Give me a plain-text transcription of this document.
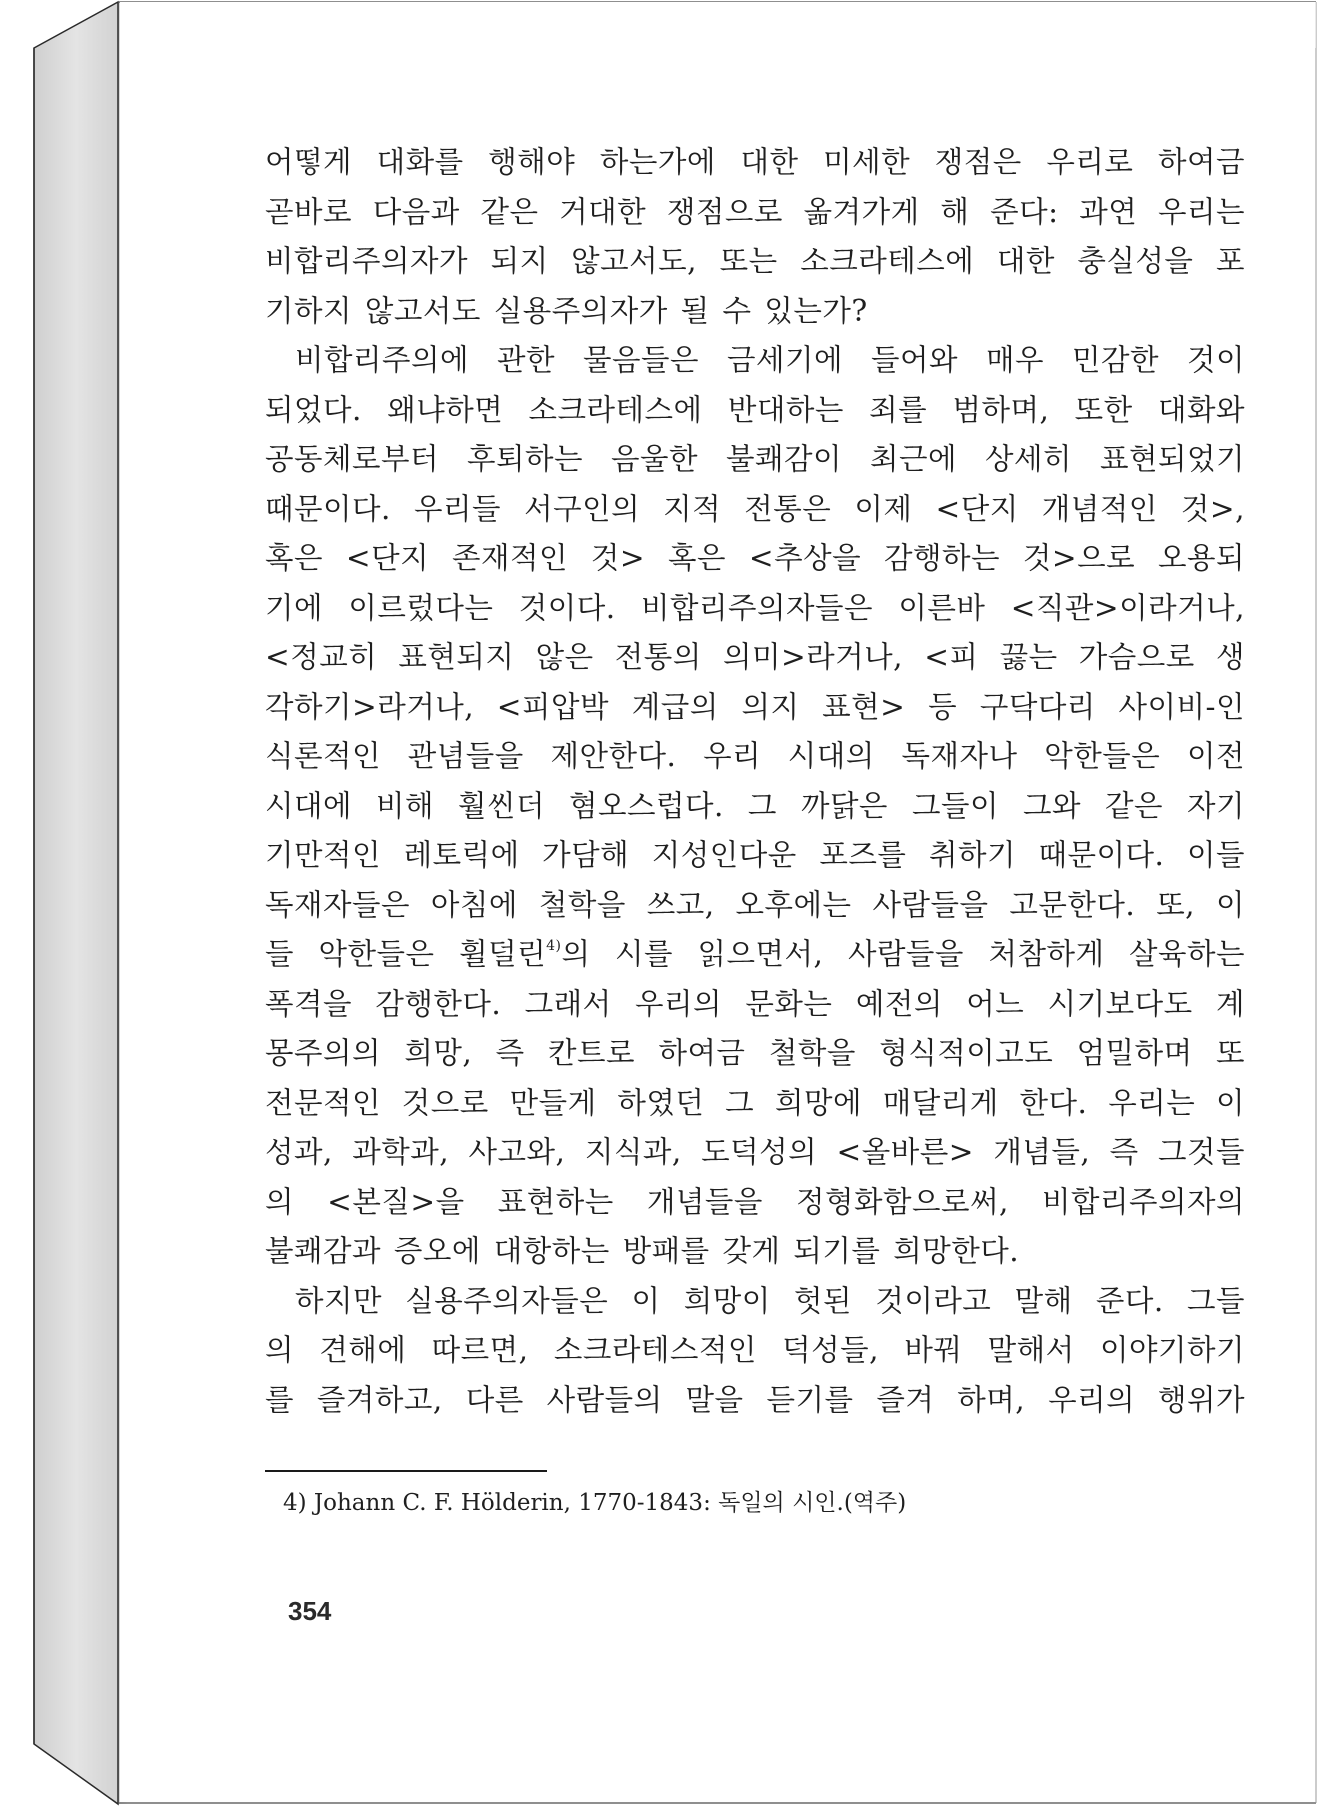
어떻게 대화를 행해야 하는가에 대한 미세한 쟁점은 우리로 하여금
곧바로 다음과 같은 거대한 쟁점으로 옮겨가게 해 준다: 과연 우리는
비합리주의자가 되지 않고서도, 또는 소크라테스에 대한 충실성을 포
기하지 않고서도 실용주의자가 될 수 있는가?
비합리주의에 관한 물음들은 금세기에 들어와 매우 민감한 것이
되었다. 왜냐하면 소크라테스에 반대하는 죄를 범하며, 또한 대화와
공동체로부터 후퇴하는 음울한 불쾌감이 최근에 상세히 표현되었기
때문이다. 우리들 서구인의 지적 전통은 이제 <단지 개념적인 것>,
혹은 <단지 존재적인 것> 혹은 <추상을 감행하는 것>으로 오용되
기에 이르렀다는 것이다. 비합리주의자들은 이른바 <직관>이라거나,
<정교히 표현되지 않은 전통의 의미>라거나, <피 끓는 가슴으로 생
각하기>라거나, <피압박 계급의 의지 표현> 등 구닥다리 사이비-인
식론적인 관념들을 제안한다. 우리 시대의 독재자나 악한들은 이전
시대에 비해 훨씬더 혐오스럽다. 그 까닭은 그들이 그와 같은 자기
기만적인 레토릭에 가담해 지성인다운 포즈를 취하기 때문이다. 이들
독재자들은 아침에 철학을 쓰고, 오후에는 사람들을 고문한다. 또, 이
들 악한들은 휠덜린$^{4)}$의 시를 읽으면서, 사람들을 처참하게 살육하는
폭격을 감행한다. 그래서 우리의 문화는 예전의 어느 시기보다도 계
몽주의의 희망, 즉 칸트로 하여금 철학을 형식적이고도 엄밀하며 또
전문적인 것으로 만들게 하였던 그 희망에 매달리게 한다. 우리는 이
성과, 과학과, 사고와, 지식과, 도덕성의 <올바른> 개념들, 즉 그것들
의 <본질>을 표현하는 개념들을 정형화함으로써, 비합리주의자의
불쾌감과 증오에 대항하는 방패를 갖게 되기를 희망한다.
하지만 실용주의자들은 이 희망이 헛된 것이라고 말해 준다. 그들
의 견해에 따르면, 소크라테스적인 덕성들, 바꿔 말해서 이야기하기
를 즐겨하고, 다른 사람들의 말을 듣기를 즐겨 하며, 우리의 행위가
4) Johann C. F. Hölderin, 1770-1843: 독일의 시인.(역주)
354
